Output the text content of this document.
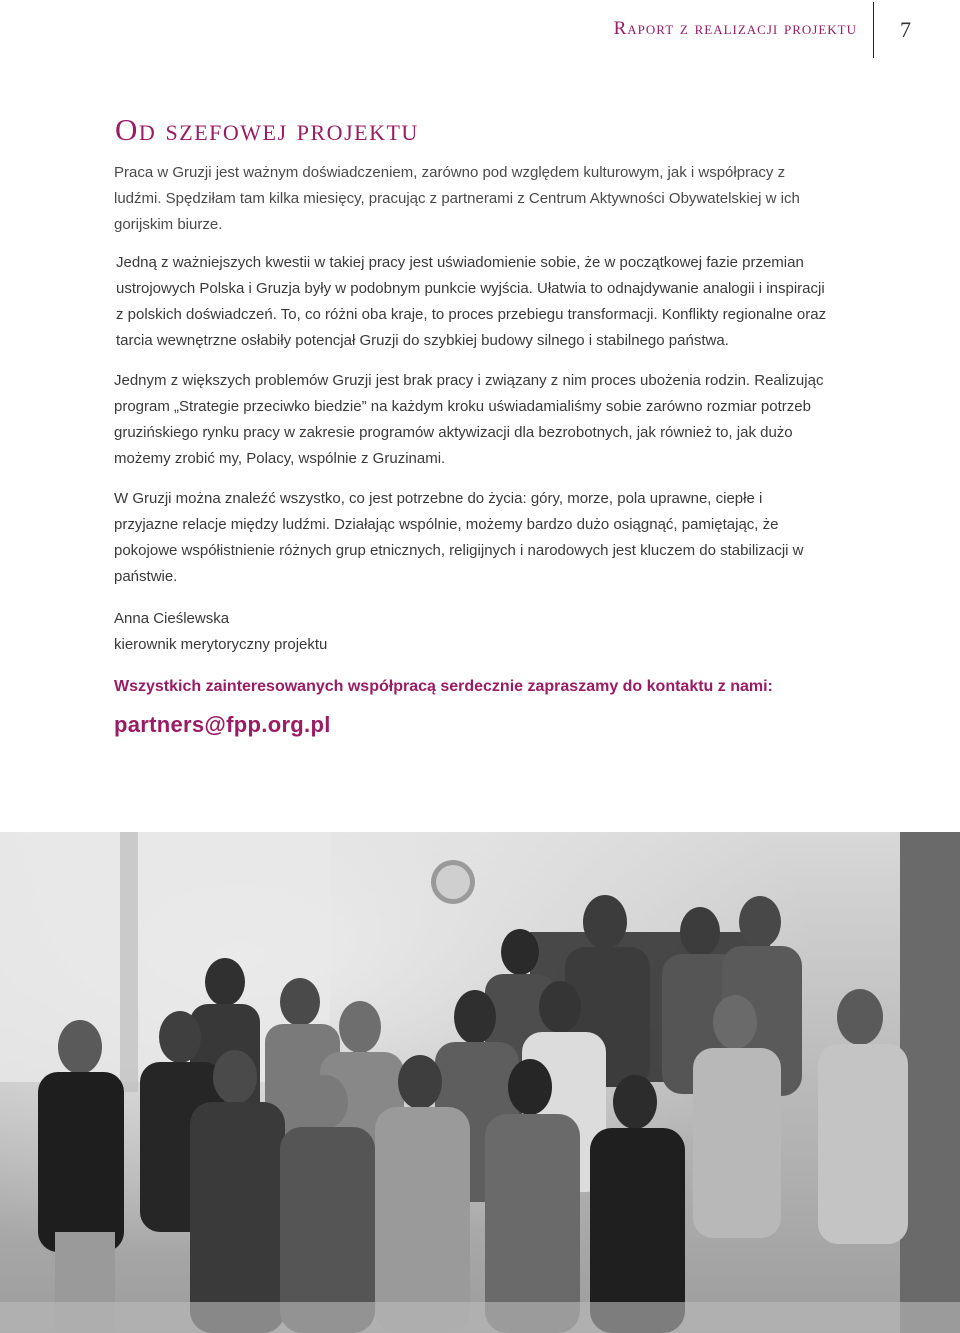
Raport z realizacji projektu 7
Od szefowej projektu

Praca w Gruzji jest ważnym doświadczeniem, zarówno pod względem kulturowym, jak i współpracy z ludźmi. Spędziłam tam kilka miesięcy, pracując z partnerami z Centrum Aktywności Obywatelskiej w ich gorijskim biurze.

Jedną z ważniejszych kwestii w takiej pracy jest uświadomienie sobie, że w początkowej fazie przemian ustrojowych Polska i Gruzja były w podobnym punkcie wyjścia. Ułatwia to odnajdywanie analogii i inspiracji z polskich doświadczeń. To, co różni oba kraje, to proces przebiegu transformacji. Konflikty regionalne oraz tarcia wewnętrzne osłabiły potencjał Gruzji do szybkiej budowy silnego i stabilnego państwa.

Jednym z większych problemów Gruzji jest brak pracy i związany z nim proces ubożenia rodzin. Realizując program „Strategie przeciwko biedzie” na każdym kroku uświadamialiśmy sobie zarówno rozmiar potrzeb gruzińskiego rynku pracy w zakresie programów aktywizacji dla bezrobotnych, jak również to, jak dużo możemy zrobić my, Polacy, wspólnie z Gruzinami.

W Gruzji można znaleźć wszystko, co jest potrzebne do życia: góry, morze, pola uprawne, ciepłe i przyjazne relacje między ludźmi. Działając wspólnie, możemy bardzo dużo osiągnąć, pamiętając, że pokojowe współistnienie różnych grup etnicznych, religijnych i narodowych jest kluczem do stabilizacji w państwie.

Anna Cieślewska
kierownik merytoryczny projektu
Wszystkich zainteresowanych współpracą serdecznie zapraszamy do kontaktu z nami:
partners@fpp.org.pl
